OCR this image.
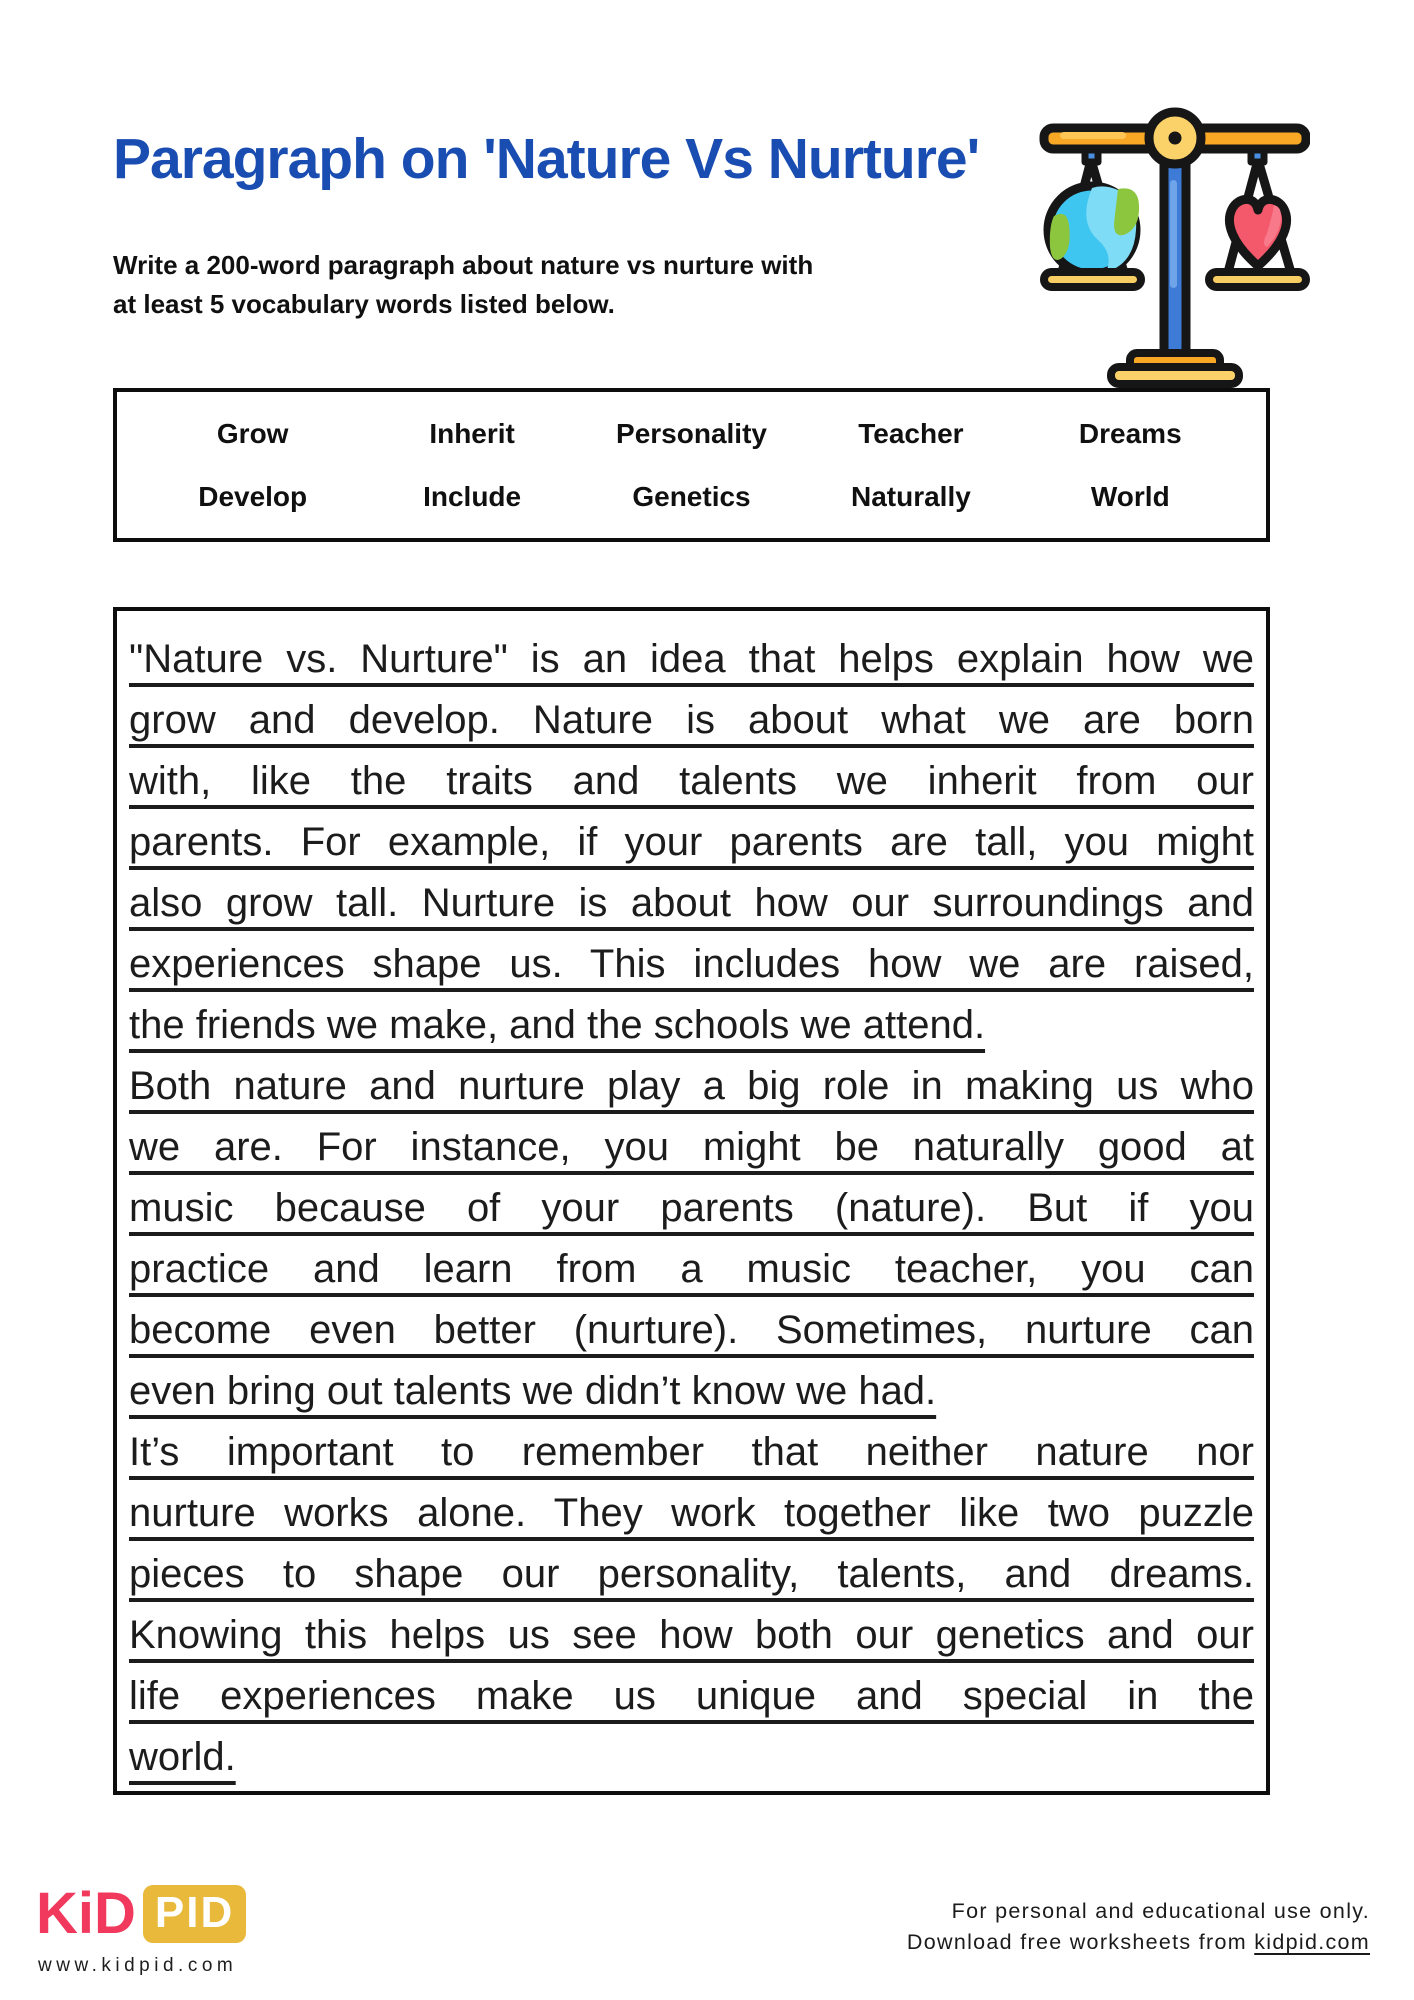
Paragraph on 'Nature Vs Nurture'
Write a 200-word paragraph about nature vs nurture with
at least 5 vocabulary words listed below.
Grow	Inherit	Personality	Teacher	Dreams
Develop	Include	Genetics	Naturally	World
"Nature vs. Nurture" is an idea that helps explain how we
grow and develop. Nature is about what we are born
with, like the traits and talents we inherit from our
parents. For example, if your parents are tall, you might
also grow tall. Nurture is about how our surroundings and
experiences shape us. This includes how we are raised,
the friends we make, and the schools we attend.
Both nature and nurture play a big role in making us who
we are. For instance, you might be naturally good at
music because of your parents (nature). But if you
practice and learn from a music teacher, you can
become even better (nurture). Sometimes, nurture can
even bring out talents we didn’t know we had.
It’s important to remember that neither nature nor
nurture works alone. They work together like two puzzle
pieces to shape our personality, talents, and dreams.
Knowing this helps us see how both our genetics and our
life experiences make us unique and special in the
world.
KiD PID
www.kidpid.com
For personal and educational use only.
Download free worksheets from kidpid.com
